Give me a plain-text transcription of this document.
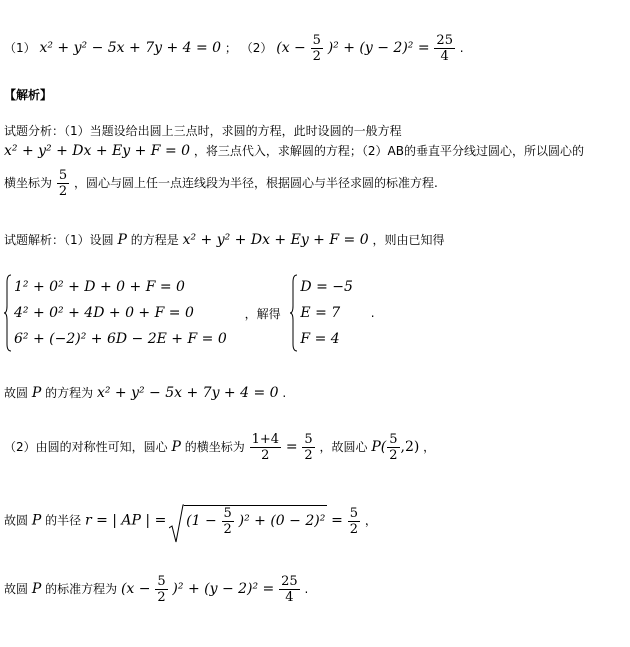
（1） x² + y² − 5x + 7y + 4 = 0 ； （2） $(x - \frac{5}{2} )^2 + (y - 2)^2 = \frac{25}{4}$ .
【解析】
试题分析：（1）当题设给出圆上三点时，求圆的方程，此时设圆的一般方程
x² + y² + Dx + Ey + F = 0 ，将三点代入，求解圆的方程；（2）AB的垂直平分线过圆心，所以圆心的
横坐标为 $\frac{5}{2}$ ，圆心与圆上任一点连线段为半径，根据圆心与半径求圆的标准方程.
试题解析：（1）设圆 P 的方程是 x² + y² + Dx + Ey + F = 0 ，则由已知得
1² + 0² + D + 0 + F = 0
4² + 0² + 4D + 0 + F = 0
6² + (−2)² + 6D − 2E + F = 0
，解得
D = −5
E = 7
F = 4
.
故圆 P 的方程为 x² + y² − 5x + 7y + 4 = 0 .
（2）由圆的对称性可知，圆心 P 的横坐标为 $\frac{1+4}{2} = \frac{5}{2}$ ，故圆心 $P( \frac{5}{2} ,2)$ ，
故圆 P 的半径 r = | AP | = $(1 - \frac{5}{2} )^2 + (0 - 2)^2 = \frac{5}{2}$ ，
故圆 P 的标准方程为 $(x - \frac{5}{2} )^2 + (y - 2)^2 = \frac{25}{4}$ .
